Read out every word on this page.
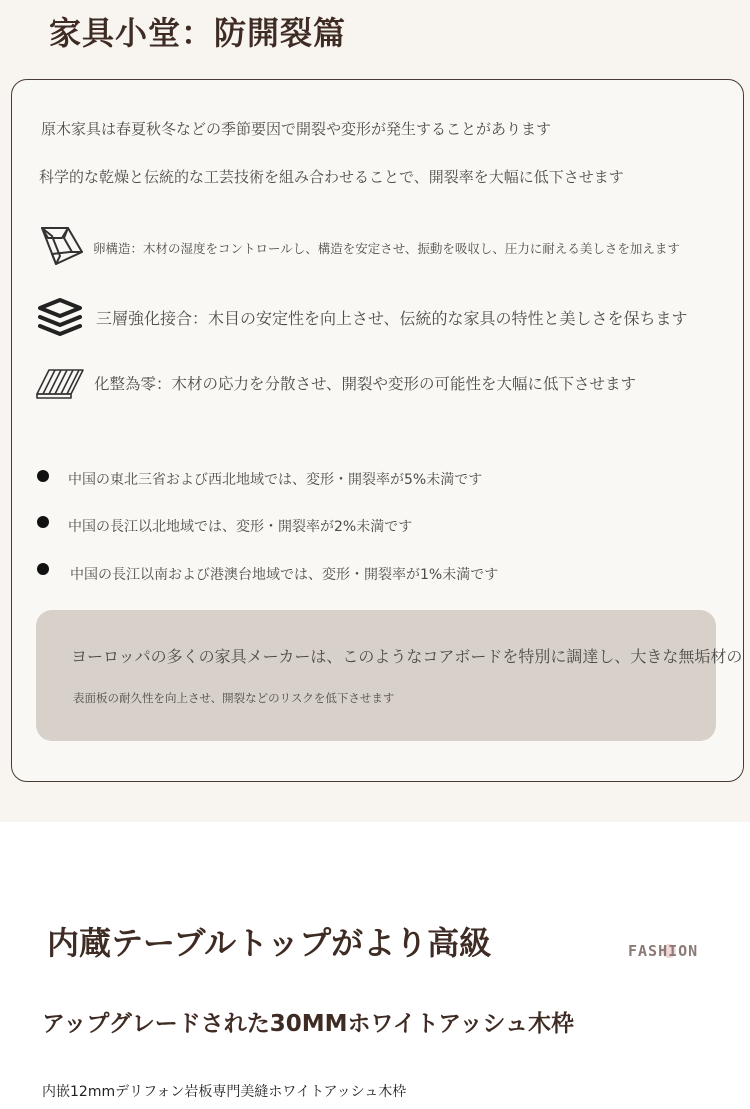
家具小堂：防開裂篇
原木家具は春夏秋冬などの季節要因で開裂や変形が発生することがあります
科学的な乾燥と伝統的な工芸技術を組み合わせることで、開裂率を大幅に低下させます
卵構造：木材の湿度をコントロールし、構造を安定させ、振動を吸収し、圧力に耐える美しさを加えます
三層強化接合：木目の安定性を向上させ、伝統的な家具の特性と美しさを保ちます
化整為零：木材の応力を分散させ、開裂や変形の可能性を大幅に低下させます
中国の東北三省および西北地域では、変形・開裂率が5%未満です
中国の長江以北地域では、変形・開裂率が2%未満です
中国の長江以南および港澳台地域では、変形・開裂率が1%未満です
ヨーロッパの多くの家具メーカーは、このようなコアボードを特別に調達し、大きな無垢材の
表面板の耐久性を向上させ、開裂などのリスクを低下させます
内蔵テーブルトップがより高級	FASHION
アップグレードされた30MMホワイトアッシュ木枠
内嵌12mmデリフォン岩板専門美縫ホワイトアッシュ木枠
